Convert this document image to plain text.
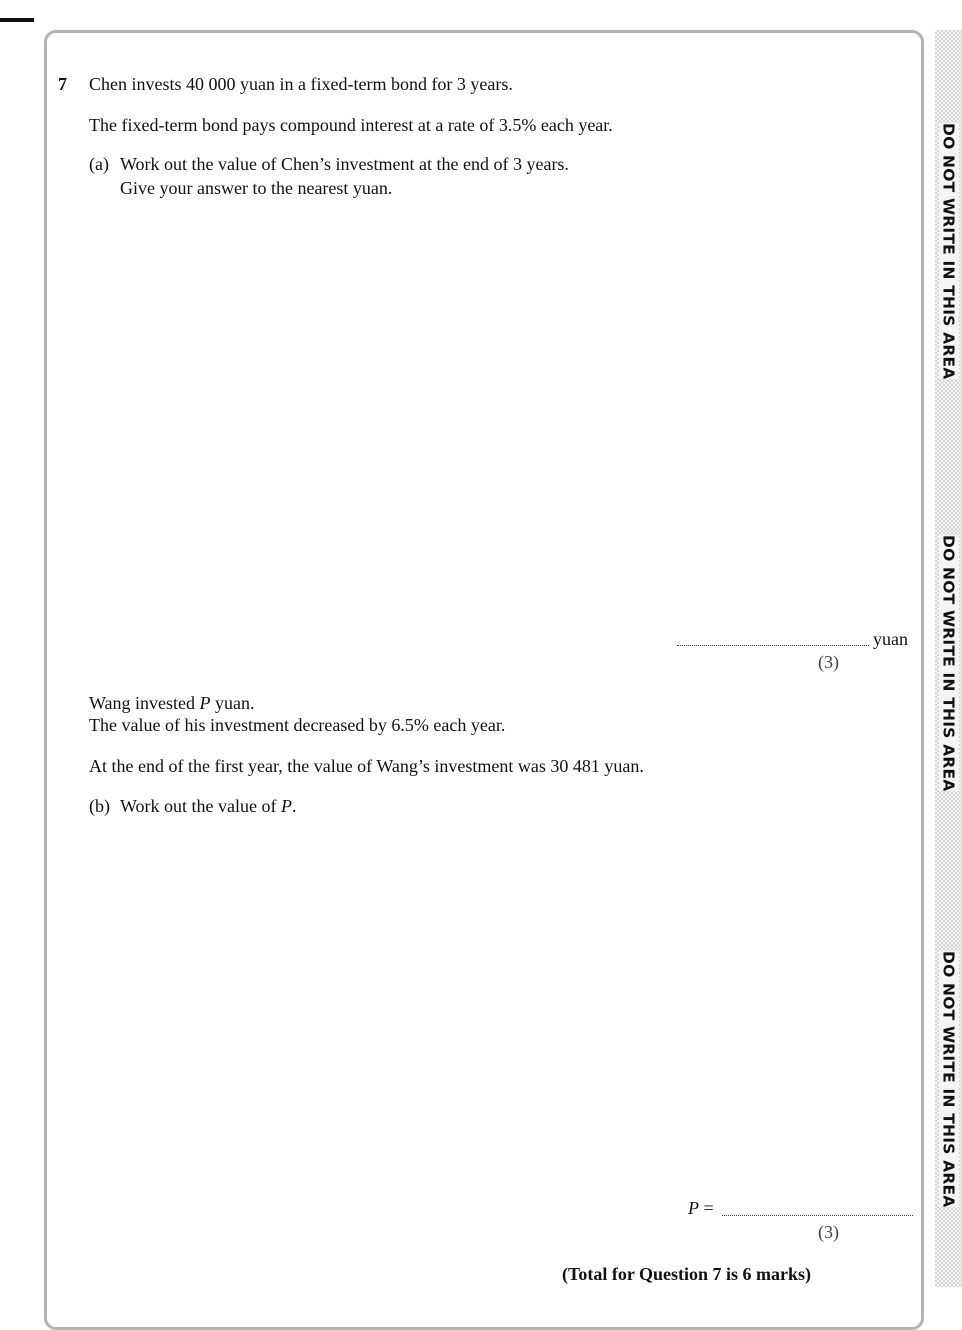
DO NOT WRITE IN THIS AREA
DO NOT WRITE IN THIS AREA
DO NOT WRITE IN THIS AREA
7 Chen invests 40 000 yuan in a fixed-term bond for 3 years.
The fixed-term bond pays compound interest at a rate of 3.5% each year.
(a) Work out the value of Chen’s investment at the end of 3 years.
Give your answer to the nearest yuan.
yuan
(3)
Wang invested P yuan.
The value of his investment decreased by 6.5% each year.
At the end of the first year, the value of Wang’s investment was 30 481 yuan.
(b) Work out the value of P.
P =
(3)
(Total for Question 7 is 6 marks)
